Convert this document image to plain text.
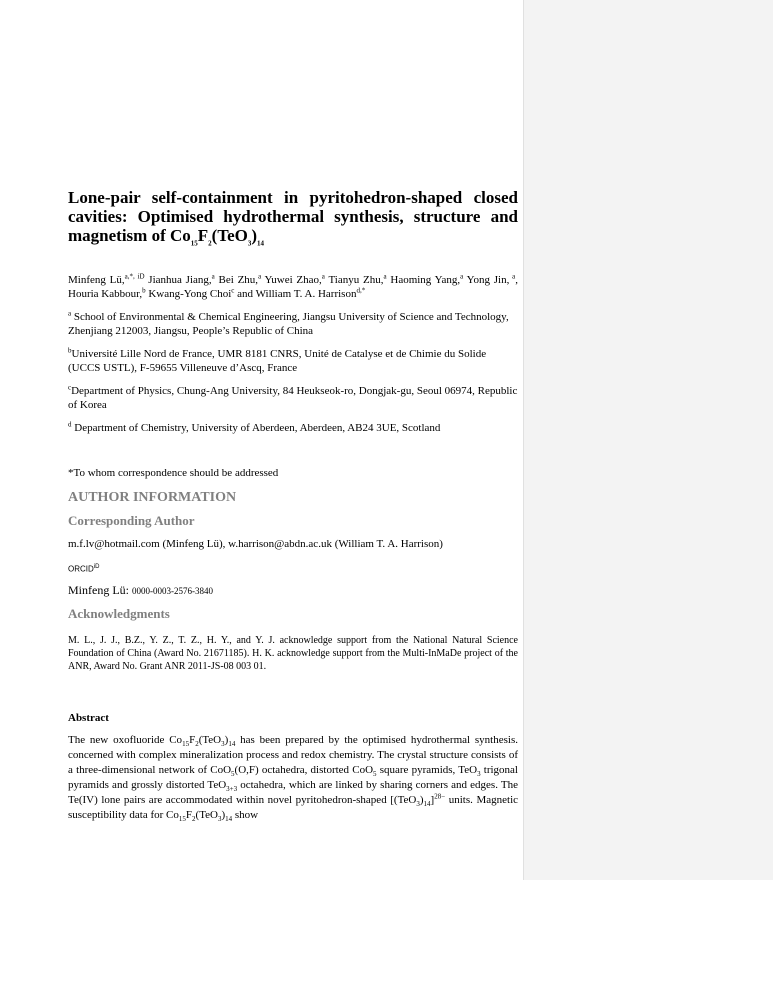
Lone-pair self-containment in pyritohedron-shaped closed cavities: Optimised hydrothermal synthesis, structure and magnetism of $Co_{15}F_2(TeO_3)_{14}$

Minfeng Lü,$^{a,*, iD}$ Jianhua Jiang,$^a$ Bei Zhu,$^a$ Yuwei Zhao,$^a$ Tianyu Zhu,$^a$ Haoming Yang,$^a$ Yong Jin, $^a$, Houria Kabbour,$^b$ Kwang-Yong Choi$^c$ and William T. A. Harrison$^{d,*}$

$^a$ School of Environmental & Chemical Engineering, Jiangsu University of Science and Technology, Zhenjiang 212003, Jiangsu, People’s Republic of China

$^b$Université Lille Nord de France, UMR 8181 CNRS, Unité de Catalyse et de Chimie du Solide (UCCS USTL), F-59655 Villeneuve d’Ascq, France

$^c$Department of Physics, Chung-Ang University, 84 Heukseok-ro, Dongjak-gu, Seoul 06974, Republic of Korea

$^d$ Department of Chemistry, University of Aberdeen, Aberdeen, AB24 3UE, Scotland

*To whom correspondence should be addressed

AUTHOR INFORMATION
Corresponding Author

m.f.lv@hotmail.com (Minfeng Lü), w.harrison@abdn.ac.uk (William T. A. Harrison)

$ORCID^{iD}$

Minfeng Lü: 0000-0003-2576-3840

Acknowledgments

M. L., J. J., B.Z., Y. Z., T. Z., H. Y., and Y. J. acknowledge support from the National Natural Science Foundation of China (Award No. 21671185). H. K. acknowledge support from the Multi-InMaDe project of the ANR, Award No. Grant ANR 2011-JS-08 003 01.

Abstract

The new oxofluoride $Co_{15}F_2(TeO_3)_{14}$ has been prepared by the optimised hydrothermal synthesis. concerned with complex mineralization process and redox chemistry. The crystal structure consists of a three-dimensional network of CoO$_5$(O,F) octahedra, distorted CoO$_5$ square pyramids, TeO$_3$ trigonal pyramids and grossly distorted TeO$_{3+3}$ octahedra, which are linked by sharing corners and edges. The Te(IV) lone pairs are accommodated within novel pyritohedron-shaped $[(TeO_3)_{14}]^{28-}$ units. Magnetic susceptibility data for $Co_{15}F_2(TeO_3)_{14}$ show
